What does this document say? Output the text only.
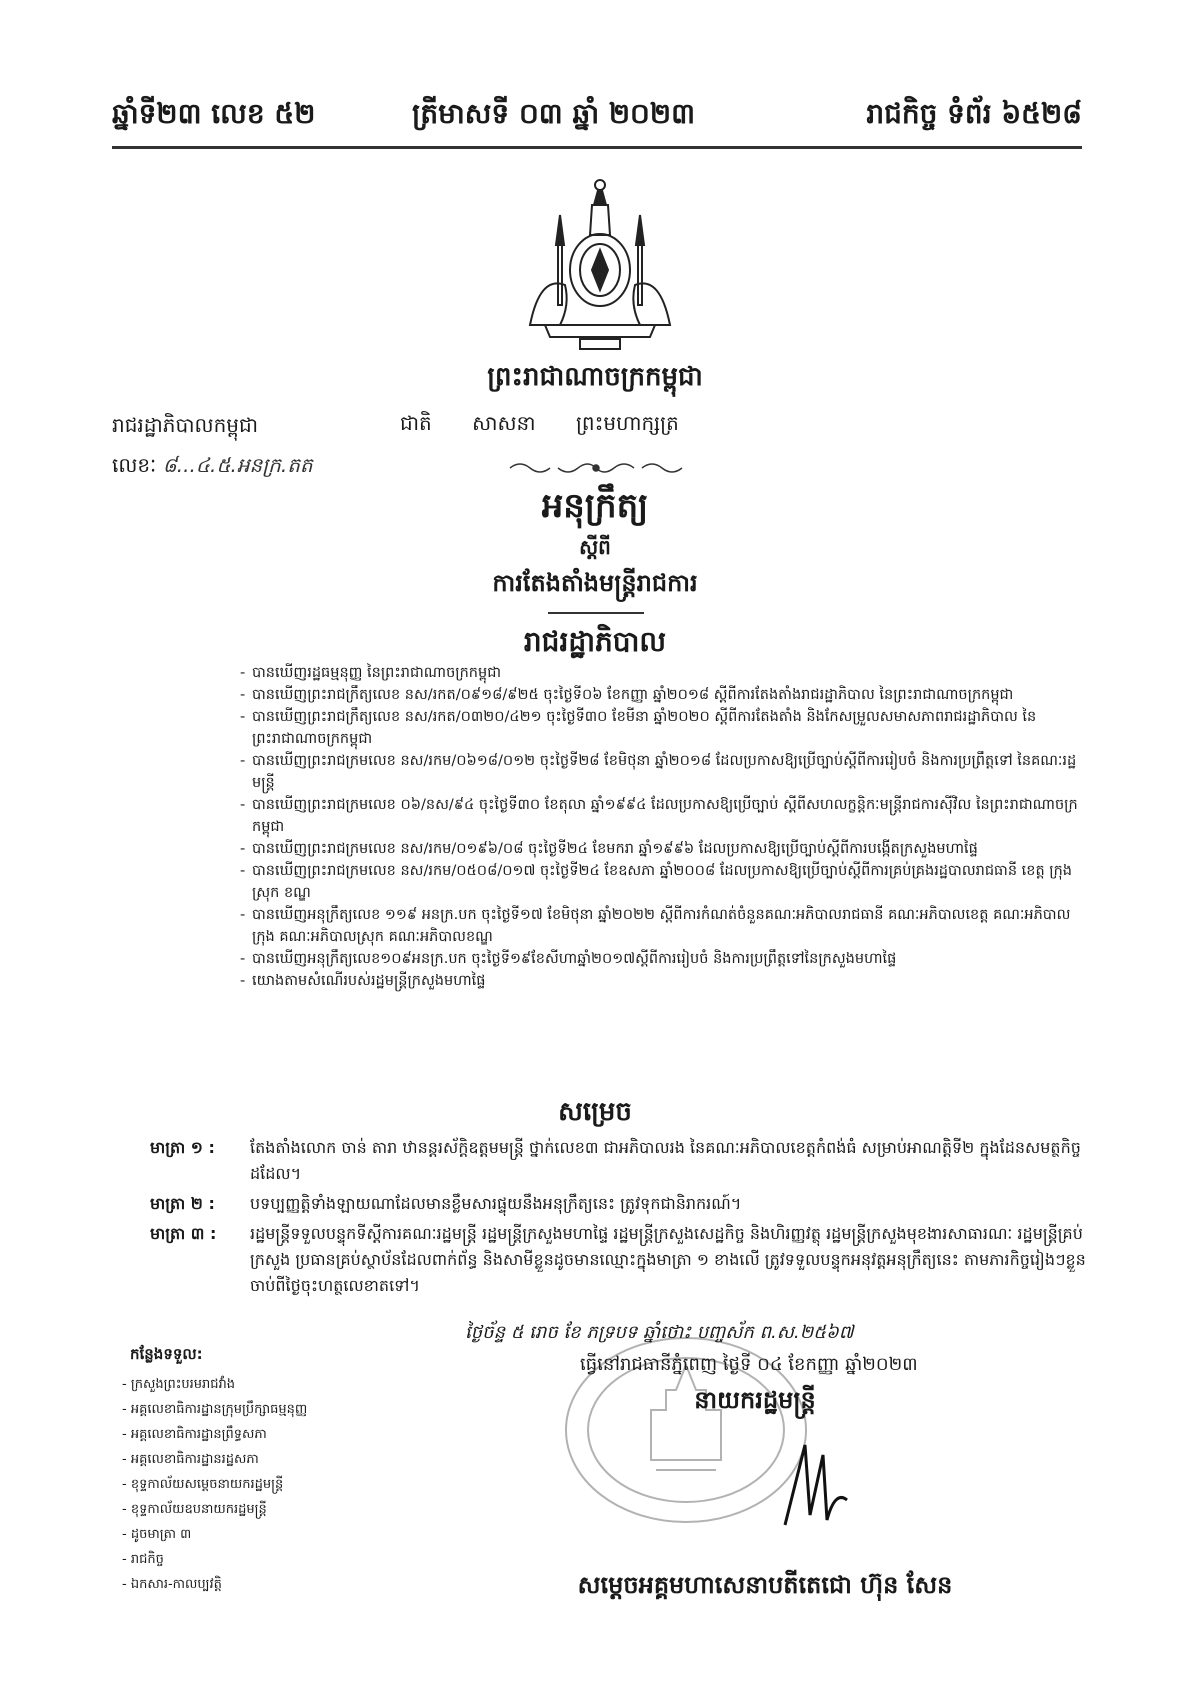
ឆ្នាំទី២៣ លេខ ៥២	ត្រីមាសទី ០៣ ឆ្នាំ ២០២៣	រាជកិច្ច ទំព័រ ៦៥២៨
ព្រះរាជាណាចក្រកម្ពុជា
រាជរដ្ឋាភិបាលកម្ពុជា	ជាតិ សាសនា ព្រះមហាក្សត្រ
លេខៈ ៨...៤.៥.អនក្រ.តត
អនុក្រឹត្យ
ស្តីពី
ការតែងតាំងមន្ត្រីរាជការ
រាជរដ្ឋាភិបាល
- បានឃើញរដ្ឋធម្មនុញ្ញ នៃព្រះរាជាណាចក្រកម្ពុជា
- បានឃើញព្រះរាជក្រឹត្យលេខ នស/រកត/០៩១៨/៩២៥ ចុះថ្ងៃទី០៦ ខែកញ្ញា ឆ្នាំ២០១៨ ស្តីពីការតែងតាំងរាជរដ្ឋាភិបាល នៃព្រះរាជាណាចក្រកម្ពុជា
- បានឃើញព្រះរាជក្រឹត្យលេខ នស/រកត/០៣២០/៤២១ ចុះថ្ងៃទី៣០ ខែមីនា ឆ្នាំ២០២០ ស្តីពីការតែងតាំង និងកែសម្រួលសមាសភាពរាជរដ្ឋាភិបាល នៃព្រះរាជាណាចក្រកម្ពុជា
- បានឃើញព្រះរាជក្រមលេខ នស/រកម/០៦១៨/០១២ ចុះថ្ងៃទី២៨ ខែមិថុនា ឆ្នាំ២០១៨ ដែលប្រកាសឱ្យប្រើច្បាប់ស្តីពីការរៀបចំ និងការប្រព្រឹត្តទៅ នៃគណៈរដ្ឋមន្ត្រី
- បានឃើញព្រះរាជក្រមលេខ ០៦/នស/៩៤ ចុះថ្ងៃទី៣០ ខែតុលា ឆ្នាំ១៩៩៤ ដែលប្រកាសឱ្យប្រើច្បាប់ ស្តីពីសហលក្ខន្តិកៈមន្ត្រីរាជការស៊ីវិល នៃព្រះរាជាណាចក្រកម្ពុជា
- បានឃើញព្រះរាជក្រមលេខ នស/រកម/០១៩៦/០៨ ចុះថ្ងៃទី២៤ ខែមករា ឆ្នាំ១៩៩៦ ដែលប្រកាសឱ្យប្រើច្បាប់ស្តីពីការបង្កើតក្រសួងមហាផ្ទៃ
- បានឃើញព្រះរាជក្រមលេខ នស/រកម/០៥០៨/០១៧ ចុះថ្ងៃទី២៤ ខែឧសភា ឆ្នាំ២០០៨ ដែលប្រកាសឱ្យប្រើច្បាប់ស្តីពីការគ្រប់គ្រងរដ្ឋបាលរាជធានី ខេត្ត ក្រុង ស្រុក ខណ្ឌ
- បានឃើញអនុក្រឹត្យលេខ ១១៩ អនក្រ.បក ចុះថ្ងៃទី១៧ ខែមិថុនា ឆ្នាំ២០២២ ស្តីពីការកំណត់ចំនួនគណៈអភិបាលរាជធានី គណៈអភិបាលខេត្ត គណៈអភិបាលក្រុង គណៈអភិបាលស្រុក គណៈអភិបាលខណ្ឌ
- បានឃើញអនុក្រឹត្យលេខ១០៩អនក្រ.បក ចុះថ្ងៃទី១៩ខែសីហាឆ្នាំ២០១៧ស្តីពីការរៀបចំ និងការប្រព្រឹត្តទៅនៃក្រសួងមហាផ្ទៃ
- យោងតាមសំណើរបស់រដ្ឋមន្ត្រីក្រសួងមហាផ្ទៃ
សម្រេច
មាត្រា ១ :	តែងតាំងលោក ចាន់ តារា ឋានន្តរស័ក្តិឧត្តមមន្ត្រី ថ្នាក់លេខ៣ ជាអភិបាលរង នៃគណៈអភិបាលខេត្តកំពង់ធំ សម្រាប់អាណត្តិទី២ ក្នុងដែនសមត្ថកិច្ចដដែល។
មាត្រា ២ :	បទប្បញ្ញត្តិទាំងឡាយណាដែលមានខ្លឹមសារផ្ទុយនឹងអនុក្រឹត្យនេះ ត្រូវទុកជានិរាករណ៍។
មាត្រា ៣ :	រដ្ឋមន្ត្រីទទួលបន្ទុកទីស្តីការគណៈរដ្ឋមន្ត្រី រដ្ឋមន្ត្រីក្រសួងមហាផ្ទៃ រដ្ឋមន្ត្រីក្រសួងសេដ្ឋកិច្ច និងហិរញ្ញវត្ថុ រដ្ឋមន្ត្រីក្រសួងមុខងារសាធារណៈ រដ្ឋមន្ត្រីគ្រប់ក្រសួង ប្រធានគ្រប់ស្ថាប័នដែលពាក់ព័ន្ធ និងសាមីខ្លួនដូចមានឈ្មោះក្នុងមាត្រា ១ ខាងលើ ត្រូវទទួលបន្ទុកអនុវត្តអនុក្រឹត្យនេះ តាមភារកិច្ចរៀងៗខ្លួនចាប់ពីថ្ងៃចុះហត្ថលេខាតទៅ។
ថ្ងៃច័ន្ទ ៥ រោច ខែ ភទ្របទ ឆ្នាំថោះ បញ្ចស័ក ព.ស.២៥៦៧
ធ្វើនៅរាជធានីភ្នំពេញ ថ្ងៃទី ០៤ ខែកញ្ញា ឆ្នាំ២០២៣
នាយករដ្ឋមន្ត្រី
សម្តេចអគ្គមហាសេនាបតីតេជោ ហ៊ុន សែន
កន្លែងទទួល:
- ក្រសួងព្រះបរមរាជវាំង
- អគ្គលេខាធិការដ្ឋានក្រុមប្រឹក្សាធម្មនុញ្ញ
- អគ្គលេខាធិការដ្ឋានព្រឹទ្ធសភា
- អគ្គលេខាធិការដ្ឋានរដ្ឋសភា
- ខុទ្ទកាល័យសម្តេចនាយករដ្ឋមន្ត្រី
- ខុទ្ទកាល័យឧបនាយករដ្ឋមន្ត្រី
- ដូចមាត្រា ៣
- រាជកិច្ច
- ឯកសារ-កាលប្បវត្តិ
